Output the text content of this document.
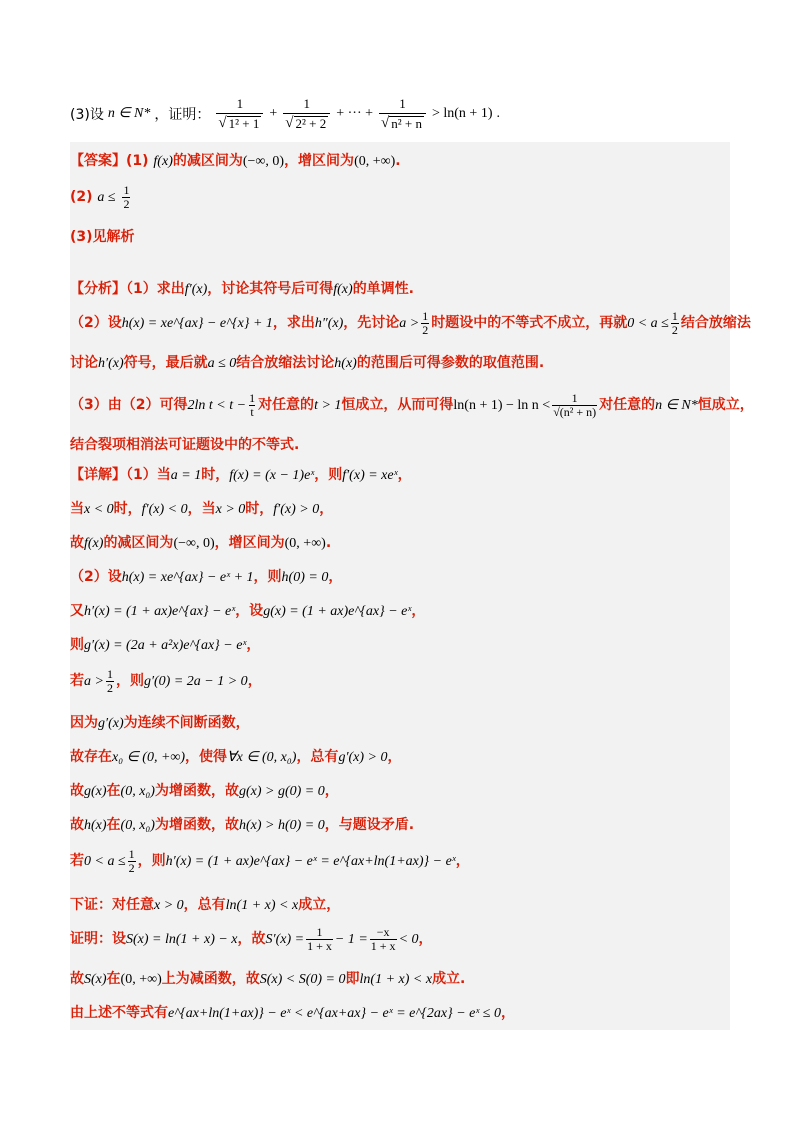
(3)设 n ∈ N* ，证明： $\frac{1}{\text{√ 1² + 1}} + \frac{1}{\text{√ 2² + 2}}$ + ··· + $\frac{1}{\text{√ n² + n}} > \ln(n + 1)$ .
【答案】(1) f(x)的减区间为(−∞, 0)，增区间为(0, +∞).
(2) $a \le \frac{1}{2}$
(3)见解析
【分析】（1）求出f′(x)，讨论其符号后可得f(x)的单调性.
（2）设h(x) = xe^{ax} − e^{x} + 1，求出h″(x)，先讨论$a > \frac{1}{2}$ 时题设中的不等式不成立，再就$0 < a \le \frac{1}{2}$ 结合放缩法
讨论h′(x)符号，最后就a ≤ 0结合放缩法讨论h(x)的范围后可得参数的取值范围.
（3）由（2）可得2ln $t < t - \frac{1}{t}$ 对任意的t > 1恒成立，从而可得$\ln(n + 1) - \ln n < \frac{1}{\text{√(n² + n)}}$ 对任意的n ∈ N*恒成立，
结合裂项相消法可证题设中的不等式.
【详解】（1）当a = 1时，f(x) = (x − 1)eˣ，则f′(x) = xeˣ，
当x < 0时，f′(x) < 0，当x > 0时，f′(x) > 0，
故f(x)的减区间为(−∞, 0)，增区间为(0, +∞).
（2）设h(x) = xe^{ax} − eˣ + 1，则h(0) = 0，
又h′(x) = (1 + ax)e^{ax} − eˣ，设g(x) = (1 + ax)e^{ax} − eˣ，
则g′(x) = (2a + a²x)e^{ax} − eˣ，
若$a > \frac{1}{2}$ ，则g′(0) = 2a − 1 > 0，
因为g′(x)为连续不间断函数，
故存在x₀ ∈ (0, +∞)，使得∀x ∈ (0, x₀)，总有g′(x) > 0，
故g(x)在(0, x₀)为增函数，故g(x) > g(0) = 0，
故h(x)在(0, x₀)为增函数，故h(x) > h(0) = 0，与题设矛盾.
若$0 < a \le \frac{1}{2}$ ，则h′(x) = (1 + ax)e^{ax} − eˣ = e^{ax+ln(1+ax)} − eˣ，
下证：对任意x > 0，总有ln(1 + x) < x成立，
证明：设S(x) = ln(1 + x) − x，故$S'(x) = \frac{1}{1 + x} - 1 = \frac{-x}{1 + x} < 0$，
故S(x)在(0, +∞)上为减函数，故S(x) < S(0) = 0即ln(1 + x) < x成立.
由上述不等式有e^{ax+ln(1+ax)} − eˣ < e^{ax+ax} − eˣ = e^{2ax} − eˣ ≤ 0，
